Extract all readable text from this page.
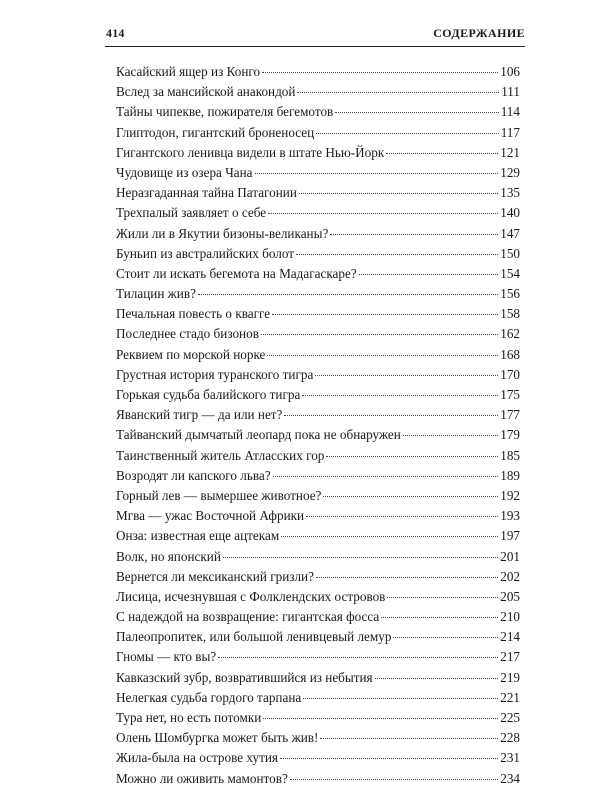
414	СОДЕРЖАНИЕ
Касайский ящер из Конго	106
Вслед за мансийской анакондой	111
Тайны чипекве, пожирателя бегемотов	114
Глиптодон, гигантский броненосец	117
Гигантского ленивца видели в штате Нью-Йорк	121
Чудовище из озера Чана	129
Неразгаданная тайна Патагонии	135
Трехпалый заявляет о себе	140
Жили ли в Якутии бизоны-великаны?	147
Буньип из австралийских болот	150
Стоит ли искать бегемота на Мадагаскаре?	154
Тилацин жив?	156
Печальная повесть о квагге	158
Последнее стадо бизонов	162
Реквием по морской норке	168
Грустная история туранского тигра	170
Горькая судьба балийского тигра	175
Яванский тигр — да или нет?	177
Тайванский дымчатый леопард пока не обнаружен	179
Таинственный житель Атласских гор	185
Возродят ли капского льва?	189
Горный лев — вымершее животное?	192
Мгва — ужас Восточной Африки	193
Онза: известная еще ацтекам	197
Волк, но японский	201
Вернется ли мексиканский гризли?	202
Лисица, исчезнувшая с Фолклендских островов	205
С надеждой на возвращение: гигантская фосса	210
Палеопропитек, или большой ленивцевый лемур	214
Гномы — кто вы?	217
Кавказский зубр, возвратившийся из небытия	219
Нелегкая судьба гордого тарпана	221
Тура нет, но есть потомки	225
Олень Шомбургка может быть жив!	228
Жила-была на острове хутия	231
Можно ли оживить мамонтов?	234
